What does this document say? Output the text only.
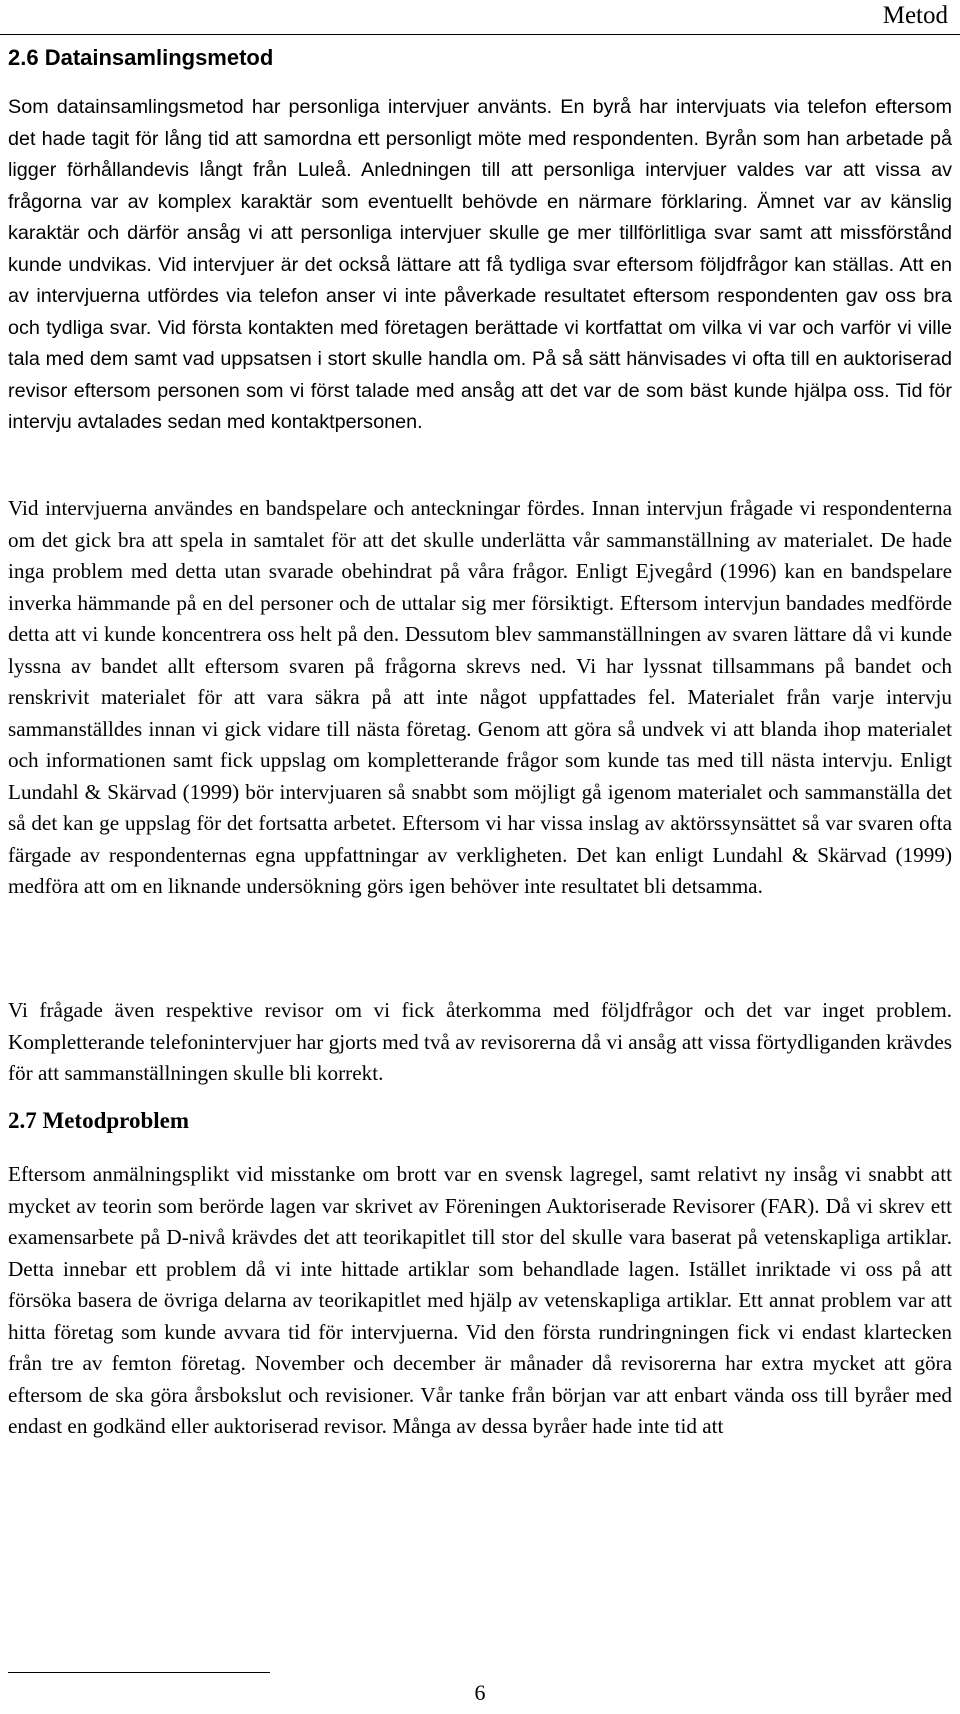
Metod
2.6 Datainsamlingsmetod

Som datainsamlingsmetod har personliga intervjuer använts. En byrå har intervjuats via telefon eftersom det hade tagit för lång tid att samordna ett personligt möte med respondenten. Byrån som han arbetade på ligger förhållandevis långt från Luleå. Anledningen till att personliga intervjuer valdes var att vissa av frågorna var av komplex karaktär som eventuellt behövde en närmare förklaring. Ämnet var av känslig karaktär och därför ansåg vi att personliga intervjuer skulle ge mer tillförlitliga svar samt att missförstånd kunde undvikas. Vid intervjuer är det också lättare att få tydliga svar eftersom följdfrågor kan ställas. Att en av intervjuerna utfördes via telefon anser vi inte påverkade resultatet eftersom respondenten gav oss bra och tydliga svar. Vid första kontakten med företagen berättade vi kortfattat om vilka vi var och varför vi ville tala med dem samt vad uppsatsen i stort skulle handla om. På så sätt hänvisades vi ofta till en auktoriserad revisor eftersom personen som vi först talade med ansåg att det var de som bäst kunde hjälpa oss. Tid för intervju avtalades sedan med kontaktpersonen.

Vid intervjuerna användes en bandspelare och anteckningar fördes. Innan intervjun frågade vi respondenterna om det gick bra att spela in samtalet för att det skulle underlätta vår sammanställning av materialet. De hade inga problem med detta utan svarade obehindrat på våra frågor. Enligt Ejvegård (1996) kan en bandspelare inverka hämmande på en del personer och de uttalar sig mer försiktigt. Eftersom intervjun bandades medförde detta att vi kunde koncentrera oss helt på den. Dessutom blev sammanställningen av svaren lättare då vi kunde lyssna av bandet allt eftersom svaren på frågorna skrevs ned. Vi har lyssnat tillsammans på bandet och renskrivit materialet för att vara säkra på att inte något uppfattades fel. Materialet från varje intervju sammanställdes innan vi gick vidare till nästa företag. Genom att göra så undvek vi att blanda ihop materialet och informationen samt fick uppslag om kompletterande frågor som kunde tas med till nästa intervju. Enligt Lundahl & Skärvad (1999) bör intervjuaren så snabbt som möjligt gå igenom materialet och sammanställa det så det kan ge uppslag för det fortsatta arbetet. Eftersom vi har vissa inslag av aktörssynsättet så var svaren ofta färgade av respondenternas egna uppfattningar av verkligheten. Det kan enligt Lundahl & Skärvad (1999) medföra att om en liknande undersökning görs igen behöver inte resultatet bli detsamma.

Vi frågade även respektive revisor om vi fick återkomma med följdfrågor och det var inget problem. Kompletterande telefonintervjuer har gjorts med två av revisorerna då vi ansåg att vissa förtydliganden krävdes för att sammanställningen skulle bli korrekt.

2.7 Metodproblem

Eftersom anmälningsplikt vid misstanke om brott var en svensk lagregel, samt relativt ny insåg vi snabbt att mycket av teorin som berörde lagen var skrivet av Föreningen Auktoriserade Revisorer (FAR). Då vi skrev ett examensarbete på D-nivå krävdes det att teorikapitlet till stor del skulle vara baserat på vetenskapliga artiklar. Detta innebar ett problem då vi inte hittade artiklar som behandlade lagen. Istället inriktade vi oss på att försöka basera de övriga delarna av teorikapitlet med hjälp av vetenskapliga artiklar. Ett annat problem var att hitta företag som kunde avvara tid för intervjuerna. Vid den första rundringningen fick vi endast klartecken från tre av femton företag. November och december är månader då revisorerna har extra mycket att göra eftersom de ska göra årsbokslut och revisioner. Vår tanke från början var att enbart vända oss till byråer med endast en godkänd eller auktoriserad revisor. Många av dessa byråer hade inte tid att

6
